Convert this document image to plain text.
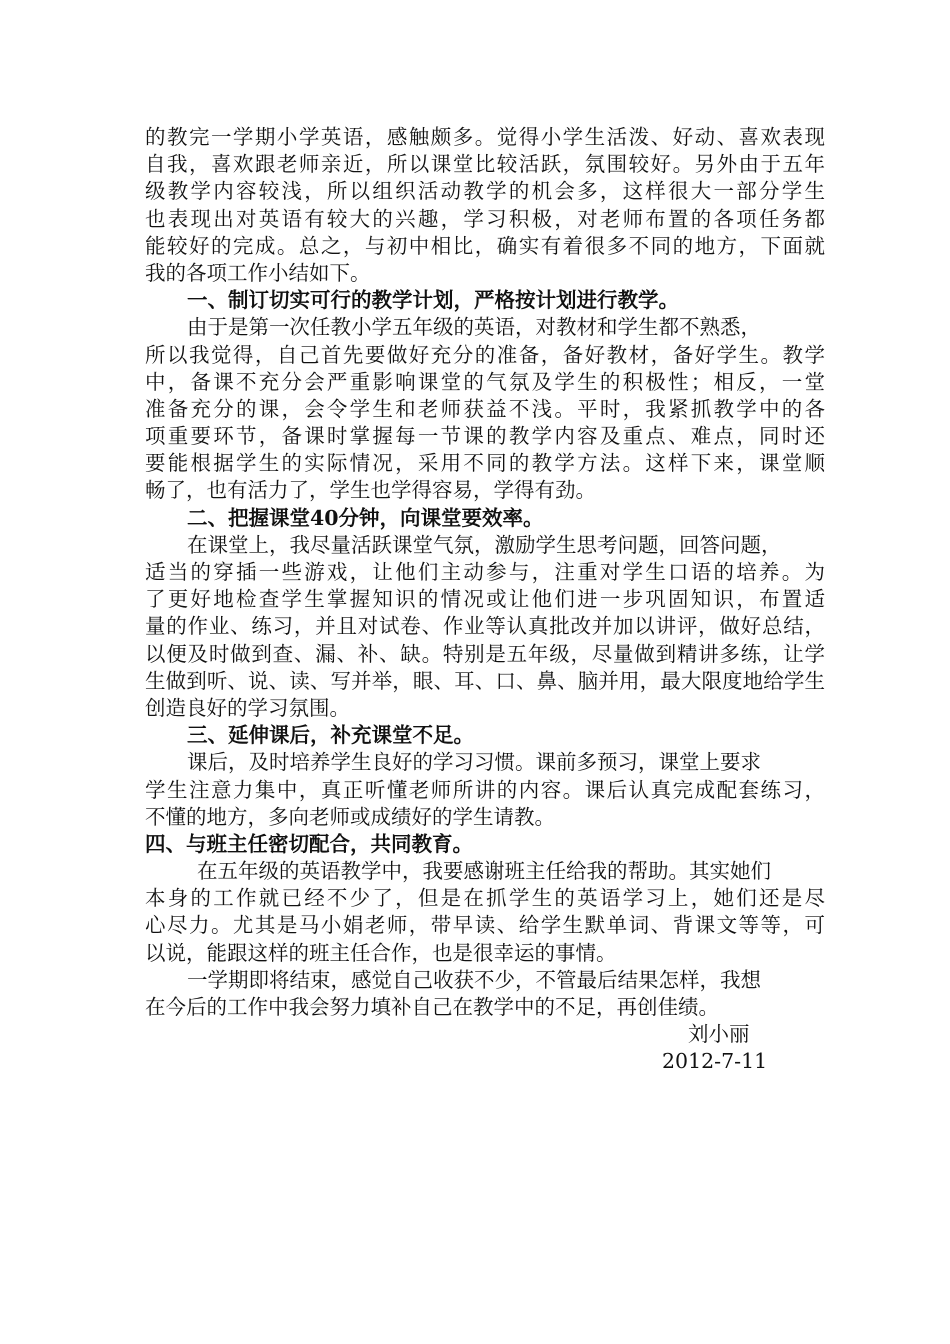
的教完一学期小学英语，感触颇多。觉得小学生活泼、好动、喜欢表现
自我，喜欢跟老师亲近，所以课堂比较活跃，氛围较好。另外由于五年
级教学内容较浅，所以组织活动教学的机会多，这样很大一部分学生
也表现出对英语有较大的兴趣，学习积极，对老师布置的各项任务都
能较好的完成。总之，与初中相比，确实有着很多不同的地方，下面就
我的各项工作小结如下。
一、制订切实可行的教学计划，严格按计划进行教学。
由于是第一次任教小学五年级的英语，对教材和学生都不熟悉，
所以我觉得，自己首先要做好充分的准备，备好教材，备好学生。教学
中，备课不充分会严重影响课堂的气氛及学生的积极性；相反，一堂
准备充分的课，会令学生和老师获益不浅。平时，我紧抓教学中的各
项重要环节，备课时掌握每一节课的教学内容及重点、难点，同时还
要能根据学生的实际情况，采用不同的教学方法。这样下来，课堂顺
畅了，也有活力了，学生也学得容易，学得有劲。
二、把握课堂40分钟，向课堂要效率。
在课堂上，我尽量活跃课堂气氛，激励学生思考问题，回答问题，
适当的穿插一些游戏，让他们主动参与，注重对学生口语的培养。为
了更好地检查学生掌握知识的情况或让他们进一步巩固知识，布置适
量的作业、练习，并且对试卷、作业等认真批改并加以讲评，做好总结，
以便及时做到查、漏、补、缺。特别是五年级，尽量做到精讲多练，让学
生做到听、说、读、写并举，眼、耳、口、鼻、脑并用，最大限度地给学生
创造良好的学习氛围。
三、延伸课后，补充课堂不足。
课后，及时培养学生良好的学习习惯。课前多预习，课堂上要求
学生注意力集中，真正听懂老师所讲的内容。课后认真完成配套练习，
不懂的地方，多向老师或成绩好的学生请教。
四、与班主任密切配合，共同教育。
在五年级的英语教学中，我要感谢班主任给我的帮助。其实她们
本身的工作就已经不少了，但是在抓学生的英语学习上，她们还是尽
心尽力。尤其是马小娟老师，带早读、给学生默单词、背课文等等，可
以说，能跟这样的班主任合作，也是很幸运的事情。
一学期即将结束，感觉自己收获不少，不管最后结果怎样，我想
在今后的工作中我会努力填补自己在教学中的不足，再创佳绩。
刘小丽
2012-7-11
